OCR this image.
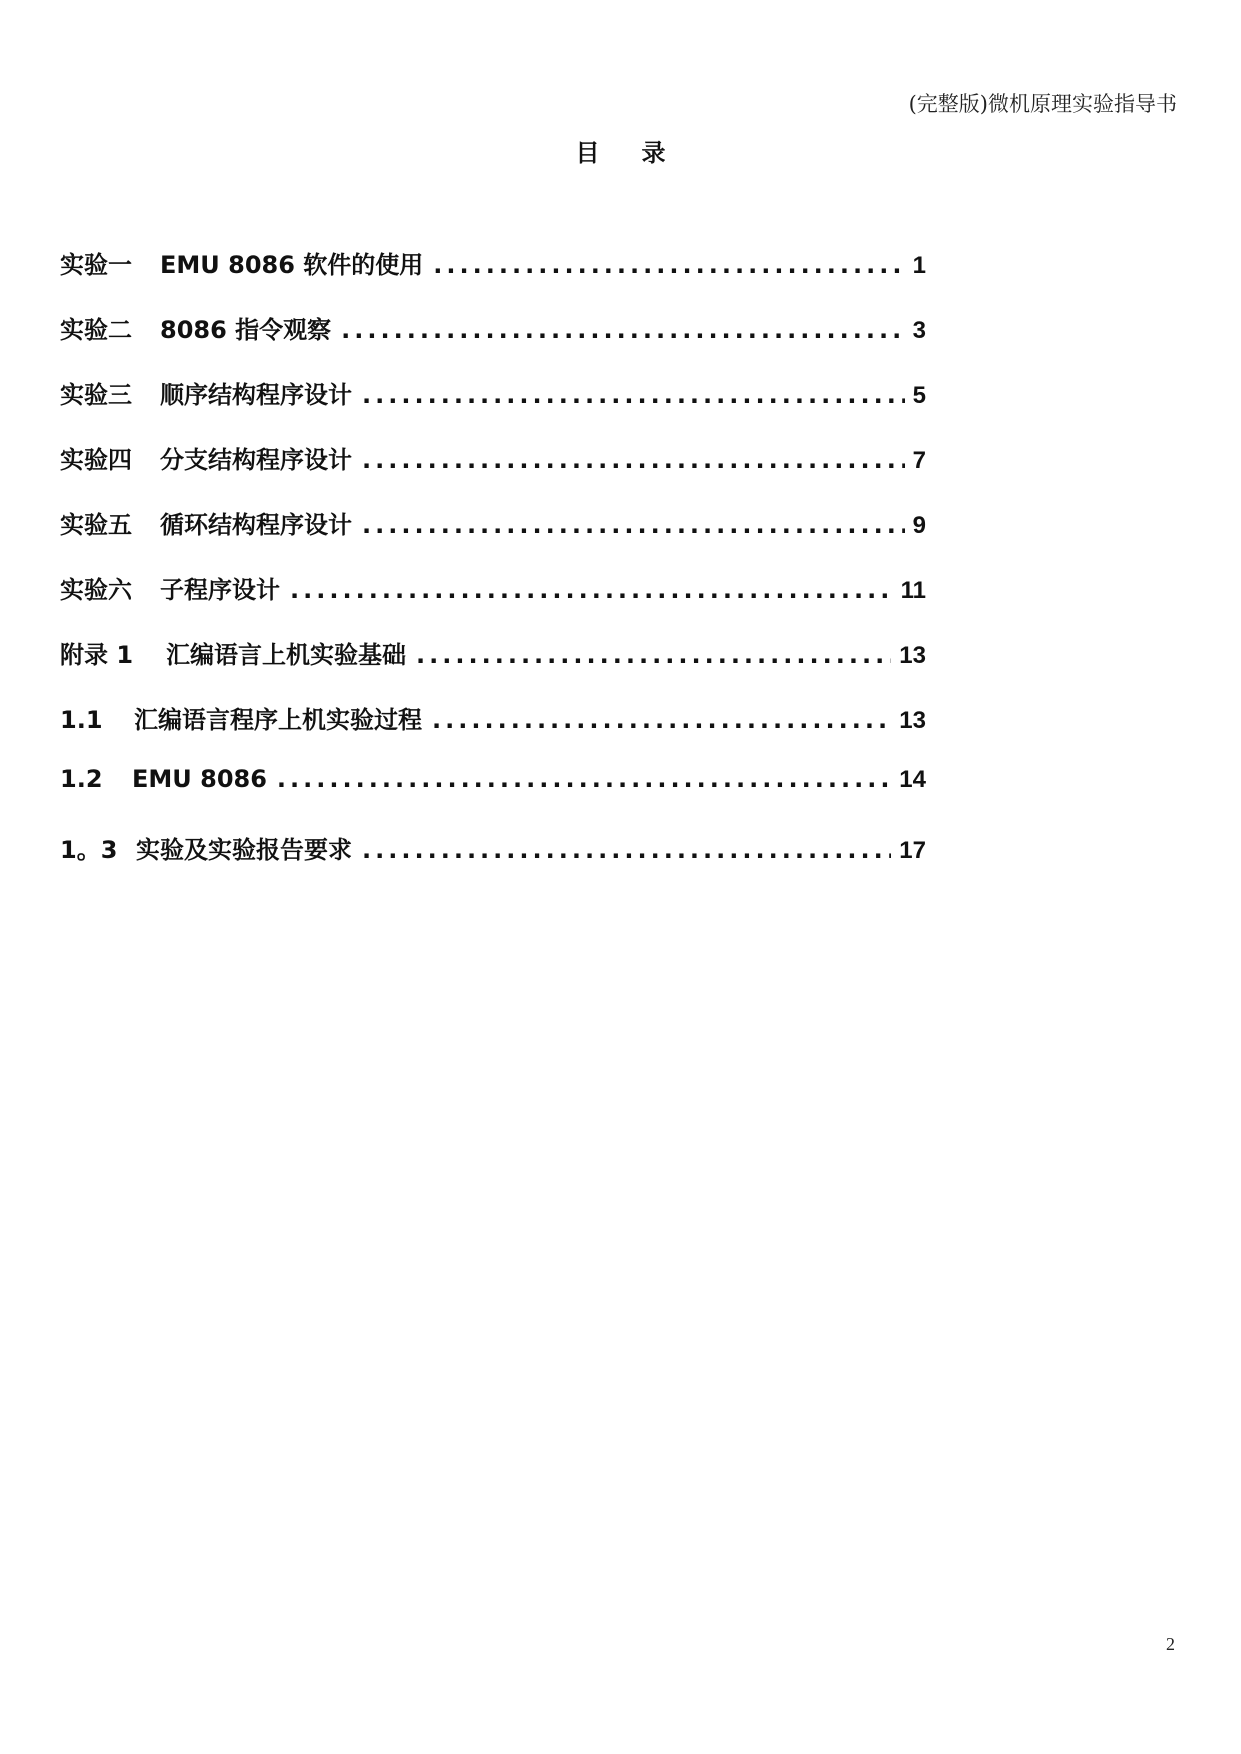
(完整版)微机原理实验指导书
目录
实验一 EMU 8086 软件的使用 .....	1
实验二 8086 指令观察 .....	3
实验三 顺序结构程序设计 .....	5
实验四 分支结构程序设计 .....	7
实验五 循环结构程序设计 .....	9
实验六 子程序设计 .....	11
附录 1 汇编语言上机实验基础 .....	13
1.1 汇编语言程序上机实验过程 .....	13
1.2 EMU 8086 .....	14
1。3 实验及实验报告要求 .....	17
2
